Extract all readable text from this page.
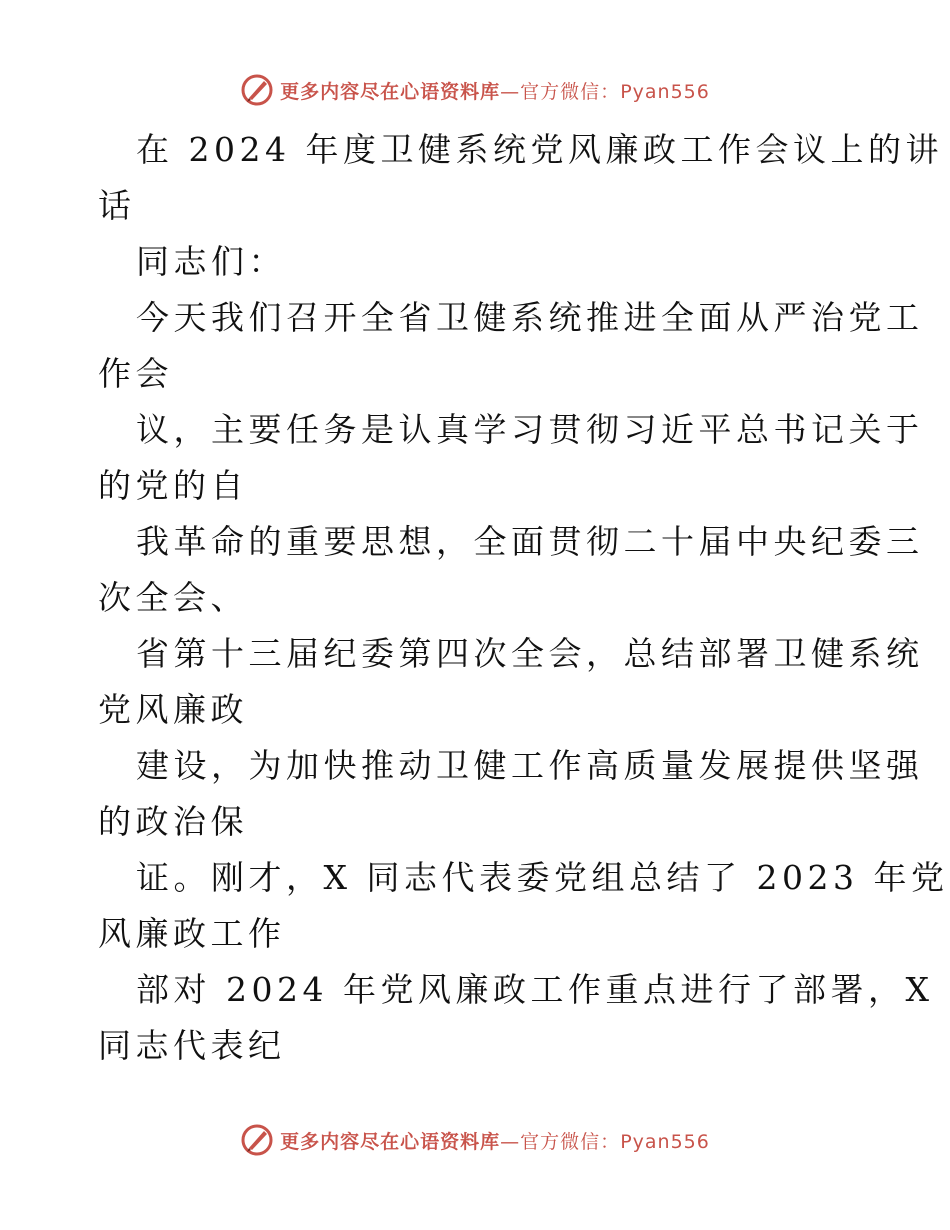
更多内容尽在心语资料库—官方微信：Pyan556
在 2024 年度卫健系统党风廉政工作会议上的讲
话
同志们：
今天我们召开全省卫健系统推进全面从严治党工
作会
议，主要任务是认真学习贯彻习近平总书记关于
的党的自
我革命的重要思想，全面贯彻二十届中央纪委三
次全会、
省第十三届纪委第四次全会，总结部署卫健系统
党风廉政
建设，为加快推动卫健工作高质量发展提供坚强
的政治保
证。刚才，X 同志代表委党组总结了 2023 年党
风廉政工作
部对 2024 年党风廉政工作重点进行了部署，X
同志代表纪
更多内容尽在心语资料库—官方微信：Pyan556
